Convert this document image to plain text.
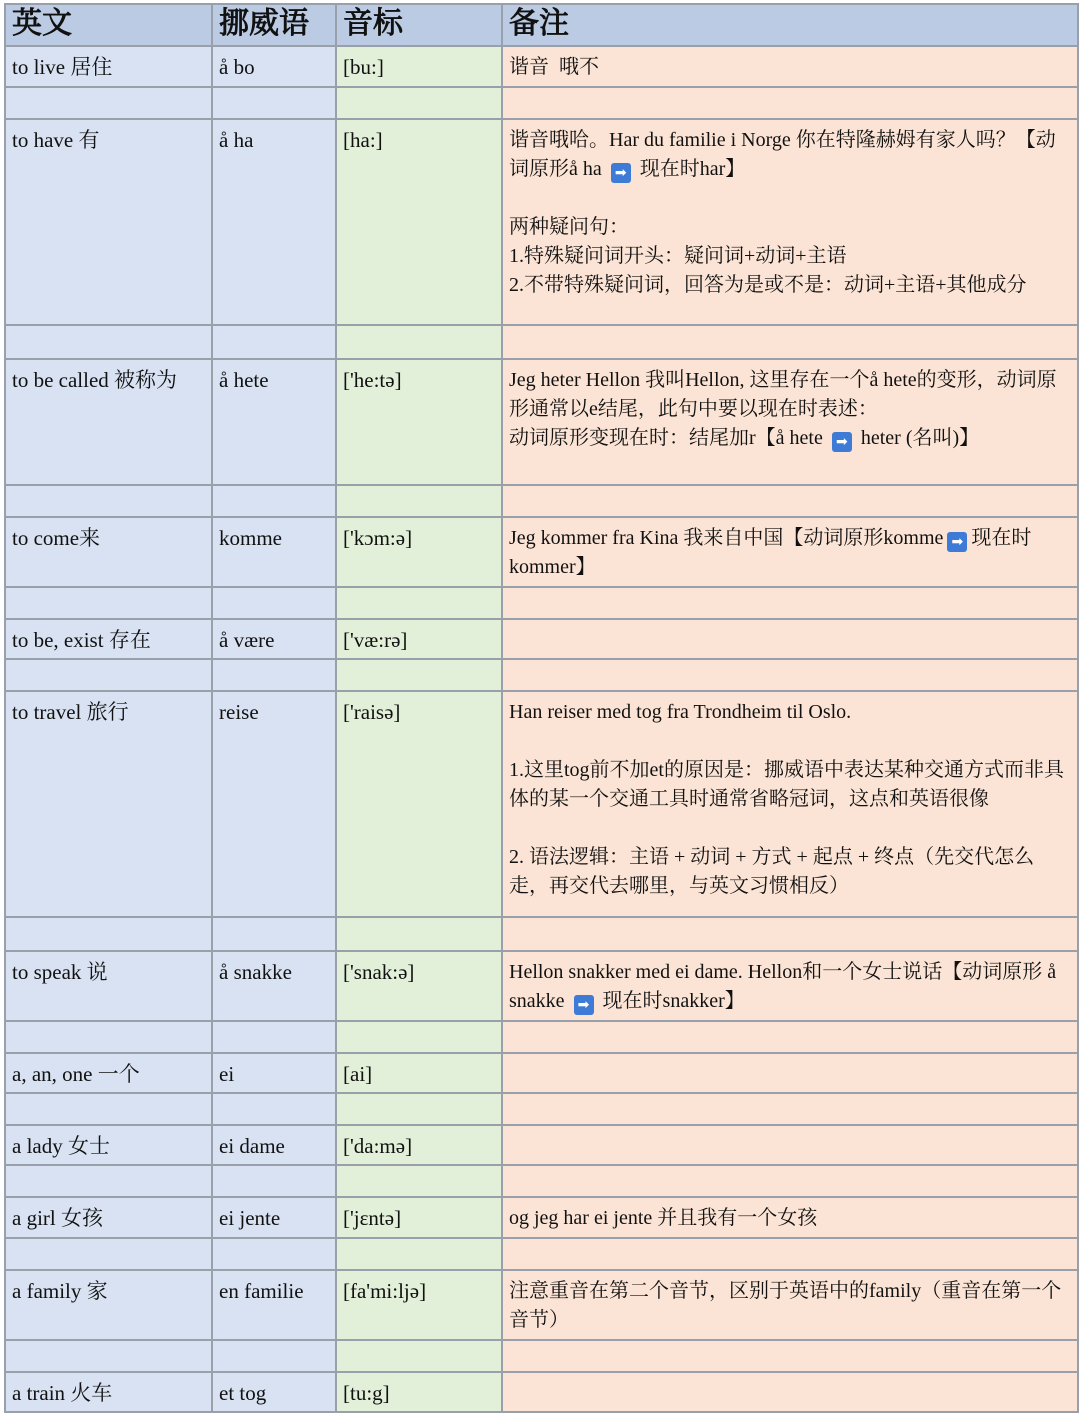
英文	挪威语	音标	备注
to live 居住	å bo	[bu:]	谐音  哦不

to have 有	å ha	[ha:]	谐音哦哈。Har du familie i Norge 你在特隆赫姆有家人吗？【动词原形å ha ➡ 现在时har】
两种疑问句：
1.特殊疑问词开头：疑问词+动词+主语
2.不带特殊疑问词，回答为是或不是：动词+主语+其他成分

to be called 被称为	å hete	['he:tə]	Jeg heter Hellon 我叫Hellon, 这里存在一个å hete的变形，动词原形通常以e结尾，此句中要以现在时表述：
动词原形变现在时：结尾加r【å hete ➡ heter (名叫)】

to come来	komme	['kɔm:ə]	Jeg kommer fra Kina 我来自中国【动词原形komme ➡ 现在时kommer】

to be, exist 存在	å være	['væ:rə]	

to travel 旅行	reise	['raisə]	Han reiser med tog fra Trondheim til Oslo.
1.这里tog前不加et的原因是：挪威语中表达某种交通方式而非具体的某一个交通工具时通常省略冠词，这点和英语很像
2. 语法逻辑：主语 + 动词 + 方式 + 起点 + 终点（先交代怎么走，再交代去哪里，与英文习惯相反）

to speak 说	å snakke	['snak:ə]	Hellon snakker med ei dame. Hellon和一个女士说话【动词原形 å snakke ➡ 现在时snakker】

a, an, one 一个	ei	[ai]	

a lady 女士	ei dame	['da:mə]	

a girl 女孩	ei jente	['jɛntə]	og jeg har ei jente 并且我有一个女孩

a family 家	en familie	[fa'mi:ljə]	注意重音在第二个音节，区别于英语中的family（重音在第一个音节）

a train 火车	et tog	[tu:g]	
